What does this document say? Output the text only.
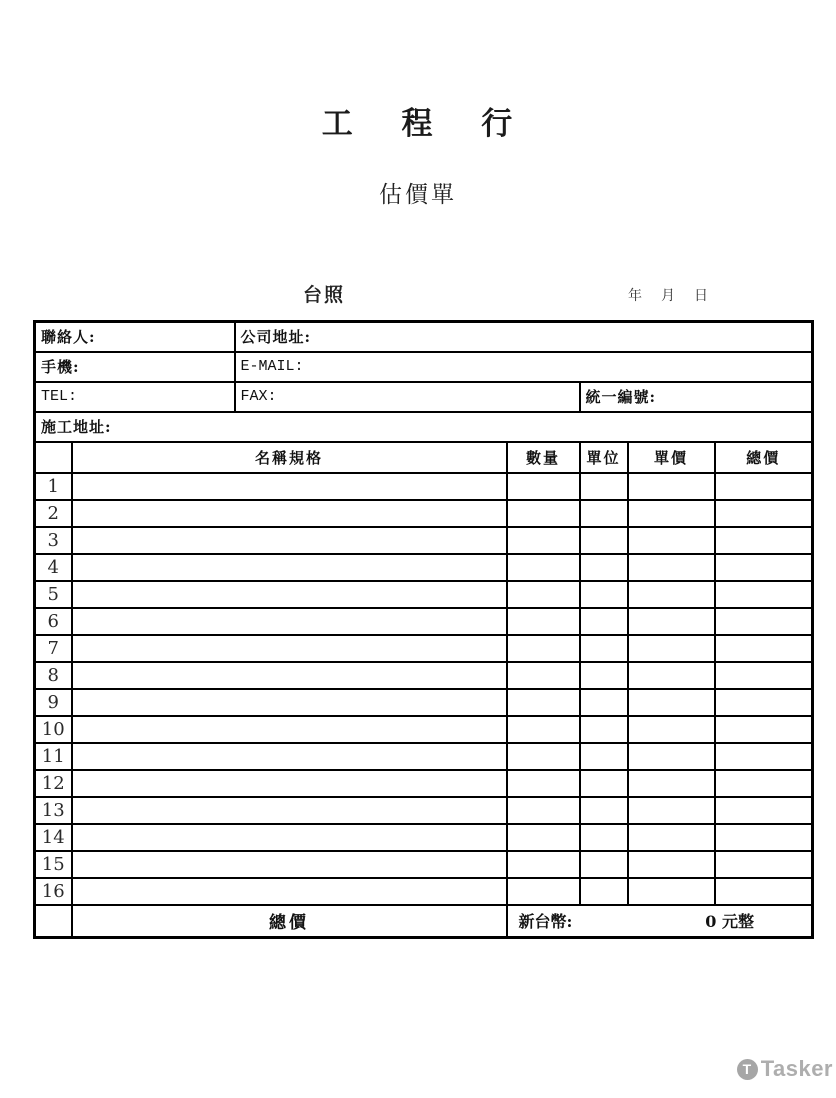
工 程 行
估價單
台照	年 月 日
聯絡人:		公司地址:				
手機:		E-MAIL:				
TEL:		FAX:		統一編號:		
施工地址:						
	名稱規格		數量	單位	單價	總價
1						
2						
3						
4						
5						
6						
7						
8						
9						
10						
11						
12						
13						
14						
15						
16						
	總價		新台幣: 0 元整			
T Tasker
